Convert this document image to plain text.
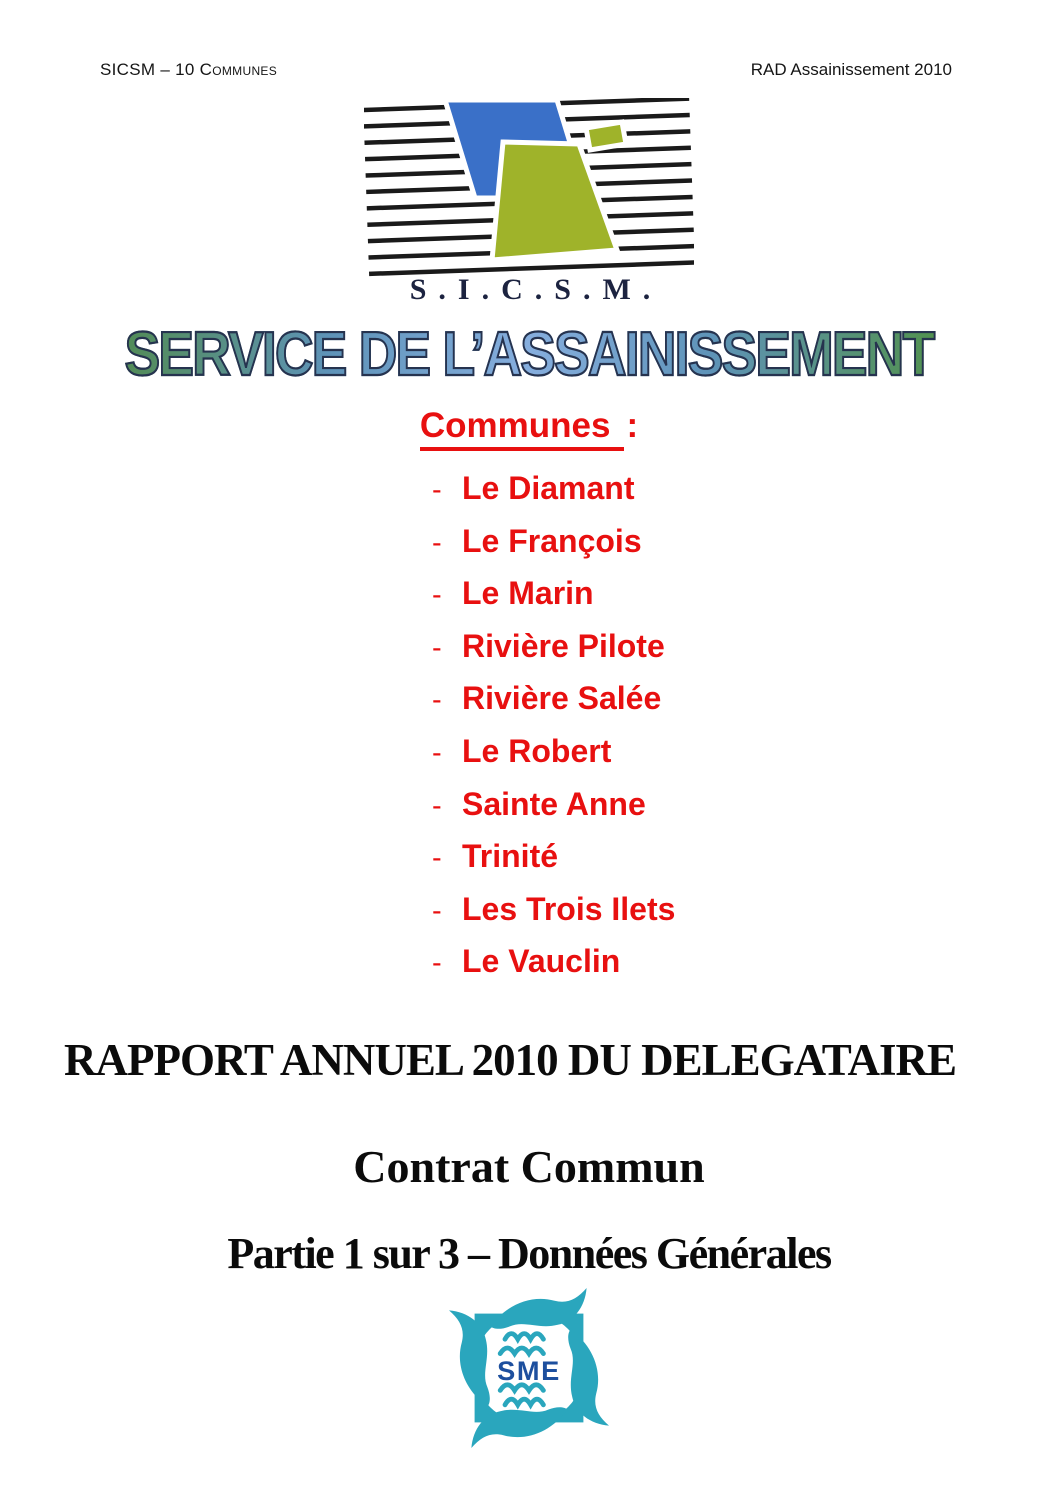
SICSM – 10 Communes	RAD Assainissement 2010
S.I.C.S.M.
SERVICE DE L’ASSAINISSEMENT
Communes :
- Le Diamant
- Le François
- Le Marin
- Rivière Pilote
- Rivière Salée
- Le Robert
- Sainte Anne
- Trinité
- Les Trois Ilets
- Le Vauclin
RAPPORT ANNUEL 2010 DU DELEGATAIRE
Contrat Commun
Partie 1 sur 3 – Données Générales
SME
